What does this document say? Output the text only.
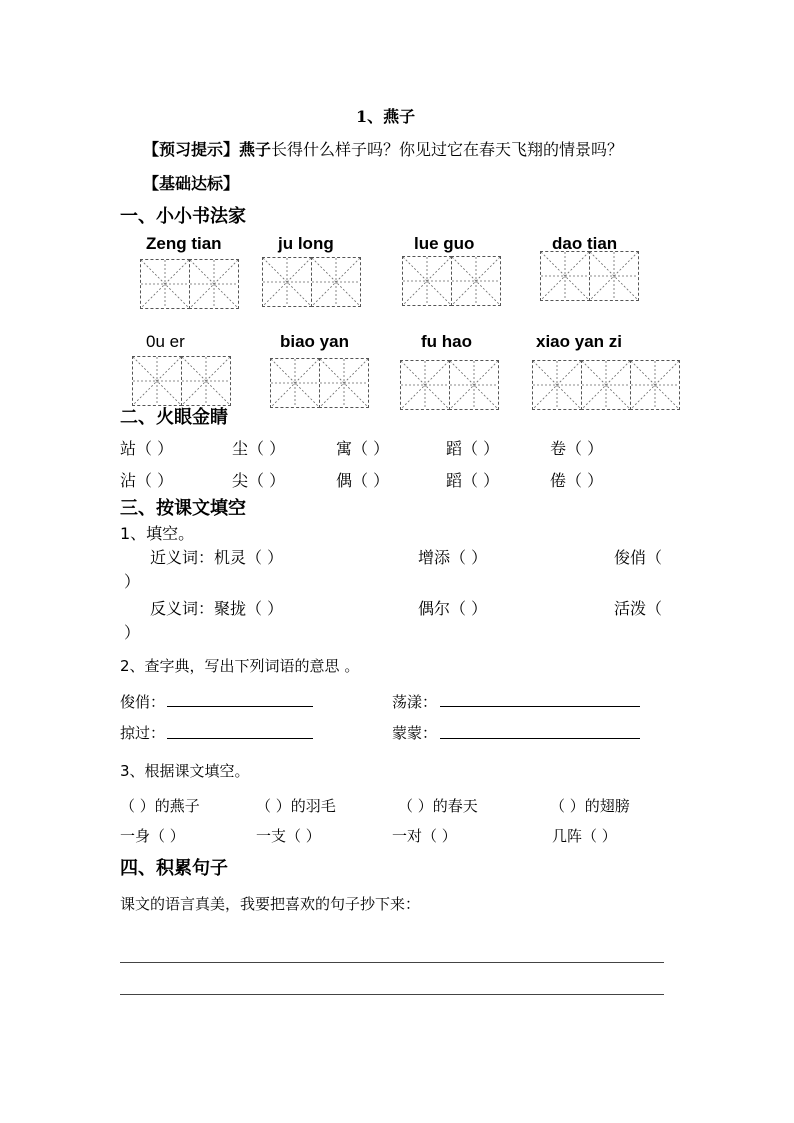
1、燕子
【预习提示】燕子长得什么样子吗？你见过它在春天飞翔的情景吗？
【基础达标】
一、小小书法家
Zeng tian	ju long	lue guo	dao tian
0u er	biao yan	fu hao	xiao yan zi
二、火眼金睛
站（ ）	尘（ ）	寓（ ）	蹈（ ）	卷（ ）
沾（ ）	尖（ ）	偶（ ）	蹈（ ）	倦（ ）
三、按课文填空
1、填空。
近义词：机灵（ ）	增添（ ）	俊俏（
）
反义词：聚拢（ ）	偶尔（ ）	活泼（
）
2、查字典，写出下列词语的意思 。
俊俏：	荡漾：
掠过：	蒙蒙：
3、根据课文填空。
（ ）的燕子	（ ）的羽毛	（ ）的春天	（ ）的翅膀
一身（ ）	一支（ ）	一对（ ）	几阵（ ）
四、积累句子
课文的语言真美，我要把喜欢的句子抄下来：
